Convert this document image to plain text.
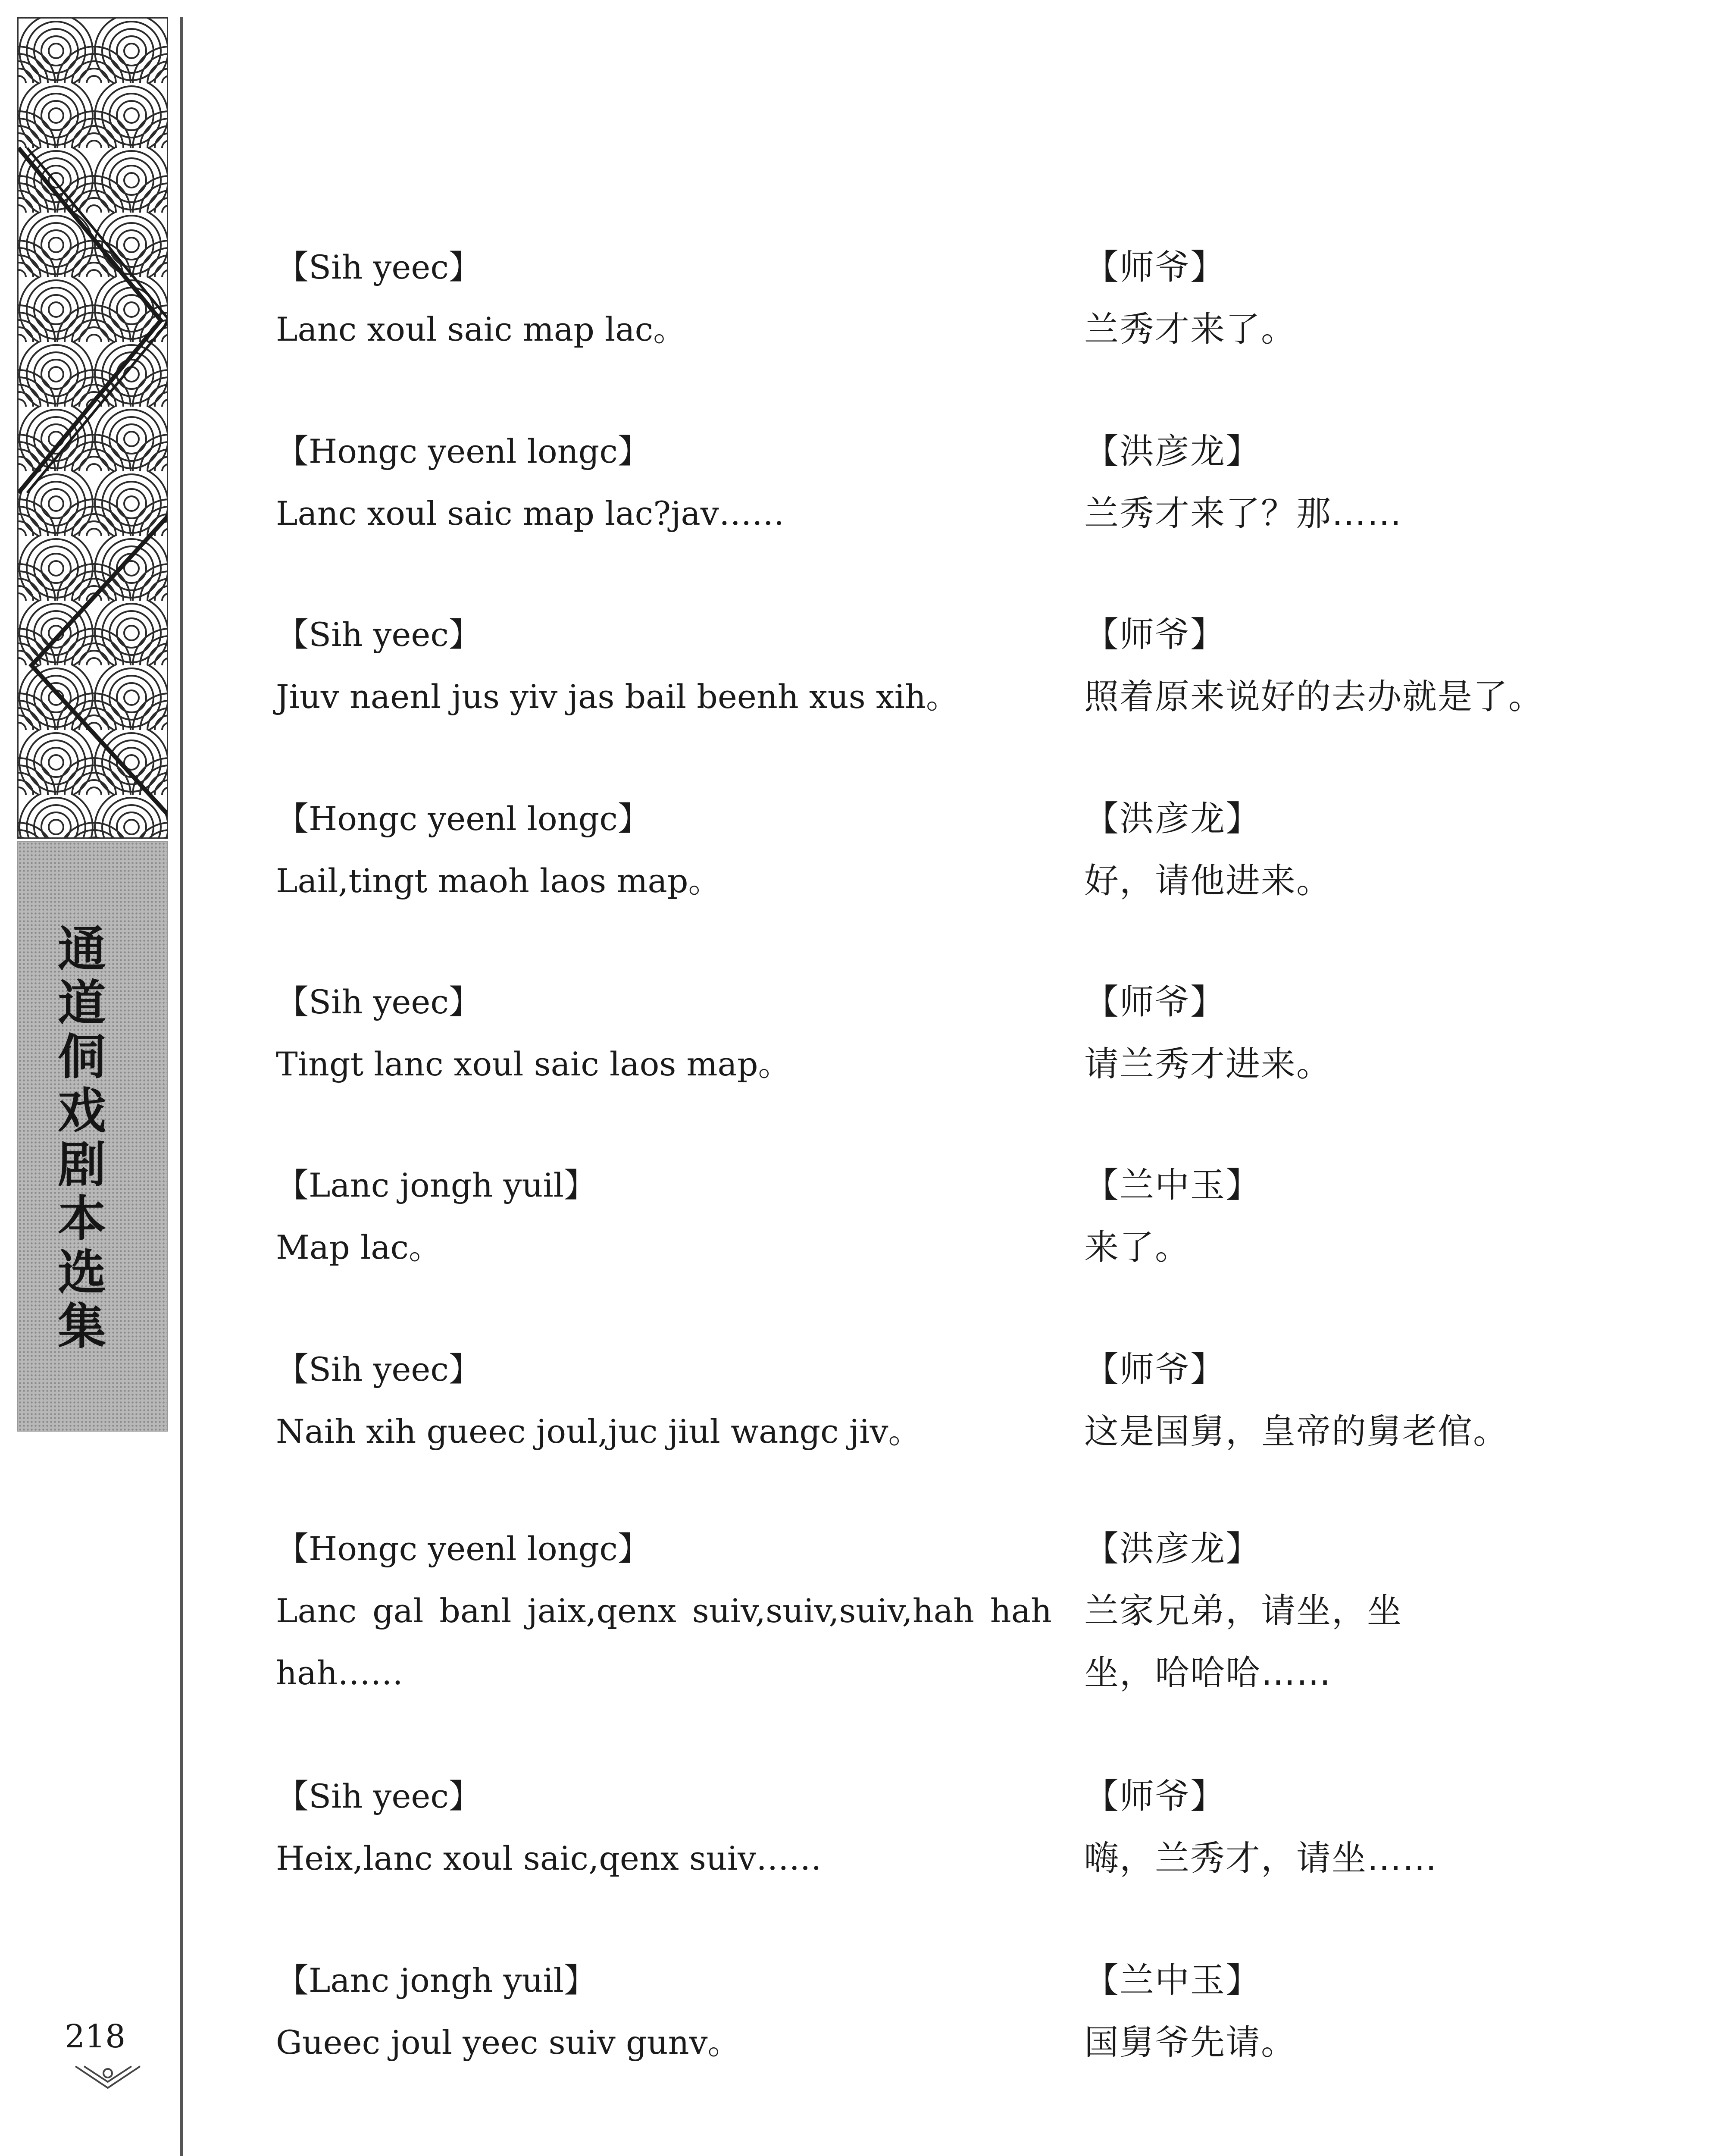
通道侗戏剧本选集
218
【Sih yeec】
Lanc xoul saic map lac。
【师爷】
兰秀才来了。
【Hongc yeenl longc】
Lanc xoul saic map lac?jav……
【洪彦龙】
兰秀才来了？那……
【Sih yeec】
Jiuv naenl jus yiv jas bail beenh xus xih。
【师爷】
照着原来说好的去办就是了。
【Hongc yeenl longc】
Lail,tingt maoh laos map。
【洪彦龙】
好，请他进来。
【Sih yeec】
Tingt lanc xoul saic laos map。
【师爷】
请兰秀才进来。
【Lanc jongh yuil】
Map lac。
【兰中玉】
来了。
【Sih yeec】
Naih xih gueec joul,juc jiul wangc jiv。
【师爷】
这是国舅，皇帝的舅老倌。
【Hongc yeenl longc】
Lanc gal banl jaix,qenx suiv,suiv,suiv,hah hah hah……
【洪彦龙】
兰家兄弟，请坐，坐坐，哈哈哈……
【Sih yeec】
Heix,lanc xoul saic,qenx suiv……
【师爷】
嗨，兰秀才，请坐……
【Lanc jongh yuil】
Gueec joul yeec suiv gunv。
【兰中玉】
国舅爷先请。
